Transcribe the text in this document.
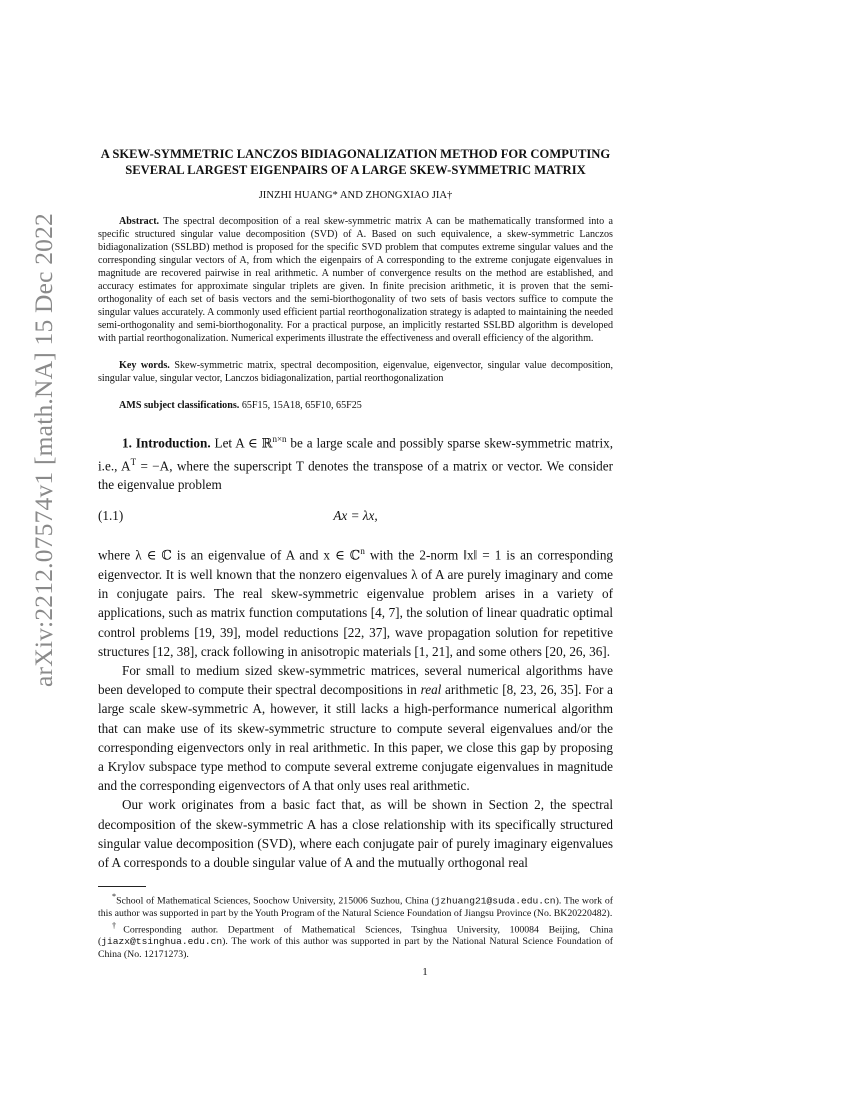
arXiv:2212.07574v1 [math.NA] 15 Dec 2022
A SKEW-SYMMETRIC LANCZOS BIDIAGONALIZATION METHOD FOR COMPUTING SEVERAL LARGEST EIGENPAIRS OF A LARGE SKEW-SYMMETRIC MATRIX
JINZHI HUANG* AND ZHONGXIAO JIA†
Abstract. The spectral decomposition of a real skew-symmetric matrix A can be mathematically transformed into a specific structured singular value decomposition (SVD) of A. Based on such equivalence, a skew-symmetric Lanczos bidiagonalization (SSLBD) method is proposed for the specific SVD problem that computes extreme singular values and the corresponding singular vectors of A, from which the eigenpairs of A corresponding to the extreme conjugate eigenvalues in magnitude are recovered pairwise in real arithmetic. A number of convergence results on the method are established, and accuracy estimates for approximate singular triplets are given. In finite precision arithmetic, it is proven that the semi-orthogonality of each set of basis vectors and the semi-biorthogonality of two sets of basis vectors suffice to compute the singular values accurately. A commonly used efficient partial reorthogonalization strategy is adapted to maintaining the needed semi-orthogonality and semi-biorthogonality. For a practical purpose, an implicitly restarted SSLBD algorithm is developed with partial reorthogonalization. Numerical experiments illustrate the effectiveness and overall efficiency of the algorithm.
Key words. Skew-symmetric matrix, spectral decomposition, eigenvalue, eigenvector, singular value decomposition, singular value, singular vector, Lanczos bidiagonalization, partial reorthogonalization
AMS subject classifications. 65F15, 15A18, 65F10, 65F25

1. Introduction. Let A ∈ ℝ$^{n\times n}$ be a large scale and possibly sparse skew-symmetric matrix, i.e., $A^T = -A$, where the superscript T denotes the transpose of a matrix or vector. We consider the eigenvalue problem

(1.1)	Ax = λx,

where λ ∈ ℂ is an eigenvalue of A and x ∈ ℂ$^n$ with the 2-norm ‖x‖ = 1 is an corresponding eigenvector. It is well known that the nonzero eigenvalues λ of A are purely imaginary and come in conjugate pairs. The real skew-symmetric eigenvalue problem arises in a variety of applications, such as matrix function computations [4, 7], the solution of linear quadratic optimal control problems [19, 39], model reductions [22, 37], wave propagation solution for repetitive structures [12, 38], crack following in anisotropic materials [1, 21], and some others [20, 26, 36].

For small to medium sized skew-symmetric matrices, several numerical algorithms have been developed to compute their spectral decompositions in real arithmetic [8, 23, 26, 35]. For a large scale skew-symmetric A, however, it still lacks a high-performance numerical algorithm that can make use of its skew-symmetric structure to compute several eigenvalues and/or the corresponding eigenvectors only in real arithmetic. In this paper, we close this gap by proposing a Krylov subspace type method to compute several extreme conjugate eigenvalues in magnitude and the corresponding eigenvectors of A that only uses real arithmetic.

Our work originates from a basic fact that, as will be shown in Section 2, the spectral decomposition of the skew-symmetric A has a close relationship with its specifically structured singular value decomposition (SVD), where each conjugate pair of purely imaginary eigenvalues of A corresponds to a double singular value of A and the mutually orthogonal real

*School of Mathematical Sciences, Soochow University, 215006 Suzhou, China (jzhuang21@suda.edu.cn). The work of this author was supported in part by the Youth Program of the Natural Science Foundation of Jiangsu Province (No. BK20220482).

†Corresponding author. Department of Mathematical Sciences, Tsinghua University, 100084 Beijing, China (jiazx@tsinghua.edu.cn). The work of this author was supported in part by the National Natural Science Foundation of China (No. 12171273).

1
